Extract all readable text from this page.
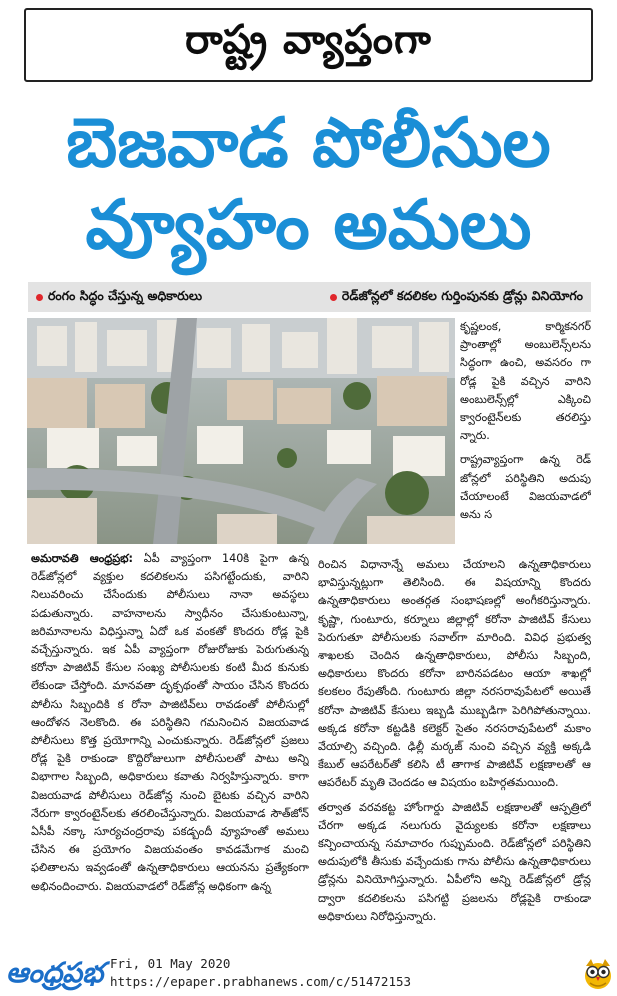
రాష్ట్ర వ్యాప్తంగా
బెజవాడ పోలీసుల
వ్యూహం అమలు
రంగం సిద్ధం చేస్తున్న అధికారులు	రెడ్‌జోన్లలో కదలికల గుర్తింపునకు డ్రోన్లు వినియోగం

కృష్ణలంక, కార్మికనగర్ ప్రాంతాల్లో అంబులెన్స్‌లను సిద్ధంగా ఉంచి, అవసరం గా రోడ్ల పైకి వచ్చిన వారిని అంబులెన్స్‌ల్లో ఎక్కించి క్వారంటైన్‌లకు తరలిస్తు న్నారు.

రాష్ట్రవ్యాప్తంగా ఉన్న రెడ్ జోన్లలో పరిస్థితిని అదుపు చేయాలంటే విజయవాడలో అను స

అమరావతి ఆంధ్రప్రభ: ఏపీ వ్యాప్తంగా 140కి పైగా ఉన్న రెడ్‌జోన్లలో వ్యక్తుల కదలికలను పసిగట్టేందుకు, వారిని నిలువరించు చేసేందుకు పోలీసులు నానా అవస్థలు పడుతున్నారు. వాహనాలను స్వాధీనం చేసుకుంటున్నా, జరిమానాలను విధిస్తున్నా ఏదో ఒక వంకతో కొందరు రోడ్ల పైకి వచ్చేస్తున్నారు. ఇక ఏపీ వ్యాప్తంగా రోజురోజుకు పెరుగుతున్న కరోనా పాజిటివ్ కేసుల సంఖ్య పోలీసులకు కంటి మీద కునుకు లేకుండా చేస్తోంది. మానవతా దృక్పథంతో సాయం చేసిన కొందరు పోలీసు సిబ్బందికి క రోనా పాజిటివ్‌లు రావడంతో పోలీసుల్లో ఆందోళన నెలకొంది. ఈ పరిస్థితిని గమనించిన విజయవాడ పోలీసులు కొత్త ప్రయోగాన్ని ఎంచుకున్నారు. రెడ్‌జోన్లలో ప్రజలు రోడ్ల పైకి రాకుండా కొద్దిరోజులుగా పోలీసులతో పాటు అన్ని విభాగాల సిబ్బంది, అధికారులు కవాతు నిర్వహిస్తున్నారు. కాగా విజయవాడ పోలీసులు రెడ్‌జోన్ల నుంచి బైటకు వచ్చిన వారిని నేరుగా క్వారంటైన్‌లకు తరలించేస్తున్నారు. విజయవాడ సౌత్‌జోన్ ఏసీపీ నక్కా సూర్యచంద్రరావు పకడ్బందీ వ్యూహంతో అమలు చేసిన ఈ ప్రయోగం విజయవంతం కావడమేగాక మంచి ఫలితాలను ఇవ్వడంతో ఉన్నతాధికారులు ఆయనను ప్రత్యేకంగా అభినందించారు. విజయవాడలో రెడ్‌జోన్ల అధికంగా ఉన్న

రించిన విధానాన్నే అమలు చేయాలని ఉన్నతాధికారులు భావిస్తున్నట్లుగా తెలిసింది. ఈ విషయాన్ని కొందరు ఉన్నతాధికారులు అంతర్గత సంభాషణల్లో అంగీకరిస్తున్నారు. కృష్ణా, గుంటూరు, కర్నూలు జిల్లాల్లో కరోనా పాజిటివ్ కేసులు పెరుగుతూ పోలీసులకు సవాల్‌గా మారింది. వివిధ ప్రభుత్వ శాఖలకు చెందిన ఉన్నతాధికారులు, పోలీసు సిబ్బంది, అధికారులు కొందరు కరోనా బారినపడటం ఆయా శాఖల్లో కలకలం రేపుతోంది. గుంటూరు జిల్లా నరసరావుపేటలో అయితే కరోనా పాజిటివ్ కేసులు ఇబ్బడి ముబ్బడిగా పెరిగిపోతున్నాయి. అక్కడ కరోనా కట్టడికి కలెక్టర్ సైతం నరసరావుపేటలో మకాం వేయాల్సి వచ్చింది. ఢిల్లీ మర్కజ్ నుంచి వచ్చిన వ్యక్తి అక్కడి కేబుల్ ఆపరేటర్‌తో కలిసి టీ తాగాక పాజిటివ్ లక్షణాలతో ఆ ఆపరేటర్ మృతి చెందడం ఆ విషయం బహిర్గతమయింది.

తర్వాత వరవకట్ట హోంగార్డు పాజిటివ్ లక్షణాలతో ఆస్పత్రిలో చేరగా అక్కడ నలుగురు వైద్యులకు కరోనా లక్షణాలు కన్పించాయన్న సమాచారం గుప్పుమంది. రెడ్‌జోన్లలో పరిస్థితిని అదుపులోకి తీసుకు వచ్చేందుకు గాను పోలీసు ఉన్నతాధికారులు డ్రోన్లను వినియోగిస్తున్నారు. ఏపీలోని అన్ని రెడ్‌జోన్లలో డ్రోన్ల ద్వారా కదలికలను పసిగట్టి ప్రజలను రోడ్లపైకి రాకుండా అధికారులు నిరోధిస్తున్నారు.

ఆంధ్రప్రభ Fri, 01 May 2020
https://epaper.prabhanews.com/c/51472153
